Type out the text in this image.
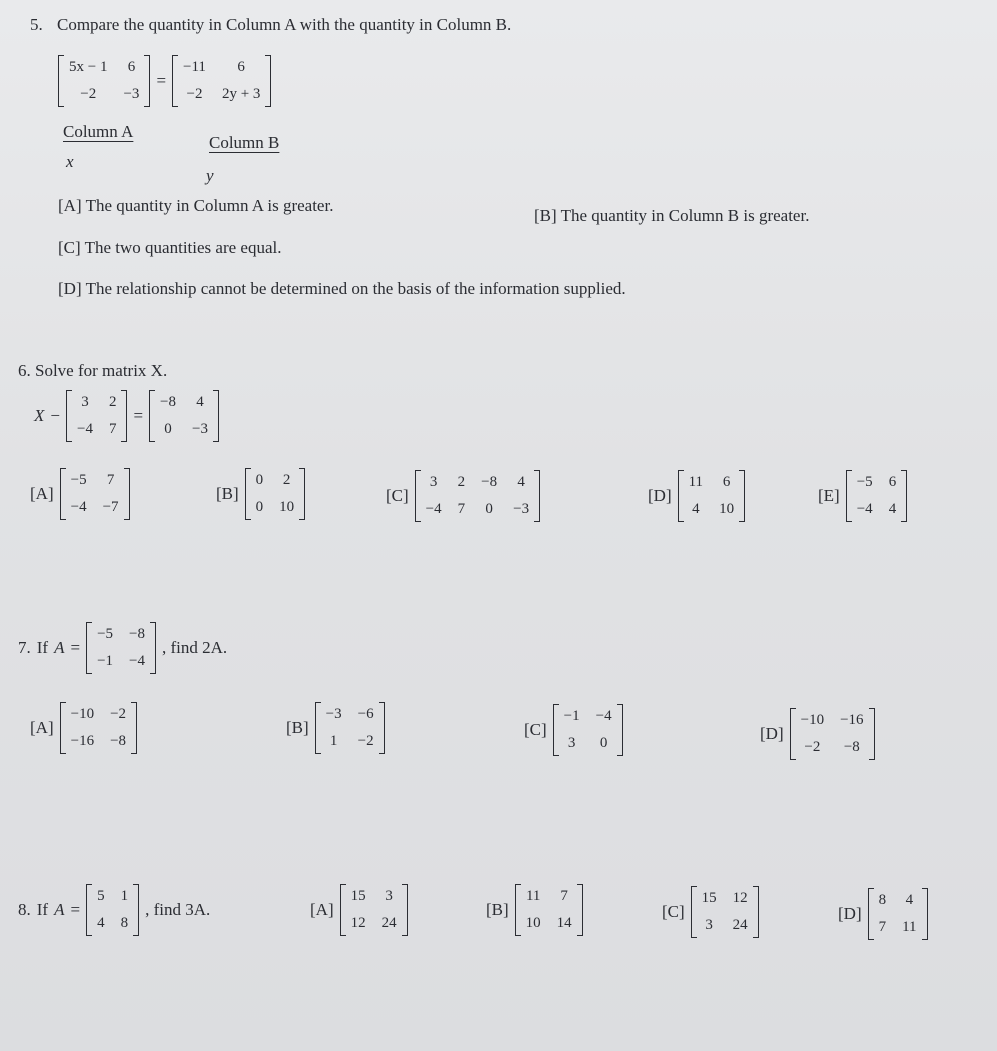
5. Compare the quantity in Column A with the quantity in Column B.
5x − 1 6
−2	−3
=
−11	6
−2 2y + 3
Column A
Column B
x
y
[A] The quantity in Column A is greater.
[B] The quantity in Column B is greater.
[C] The two quantities are equal.
[D] The relationship cannot be determined on the basis of the information supplied.
6. Solve for matrix X.
X −
3 2
−4 7
=
−8 4
0 −3
[A]
−5 7
−4 −7
[B]
0 2
0 10
[C]
3 2 −8 4
−4 7 0 −3
[D]
11 6
4 10
[E]
−5 6
−4 4
7. If A =
−5 −8
−1 −4
, find 2A.
[A]
−10 −2
−16 −8
[B]
−3 −6
1 −2
[C]
−1 −4
3 0	[D]
−10 −16
−2 −8
8. If A =
5 1
4 8
, find 3A.	[A]
15 3
12 24
[B]
11 7
10 14
[C]
15 12
3 24
[D]
8 4
7 11
